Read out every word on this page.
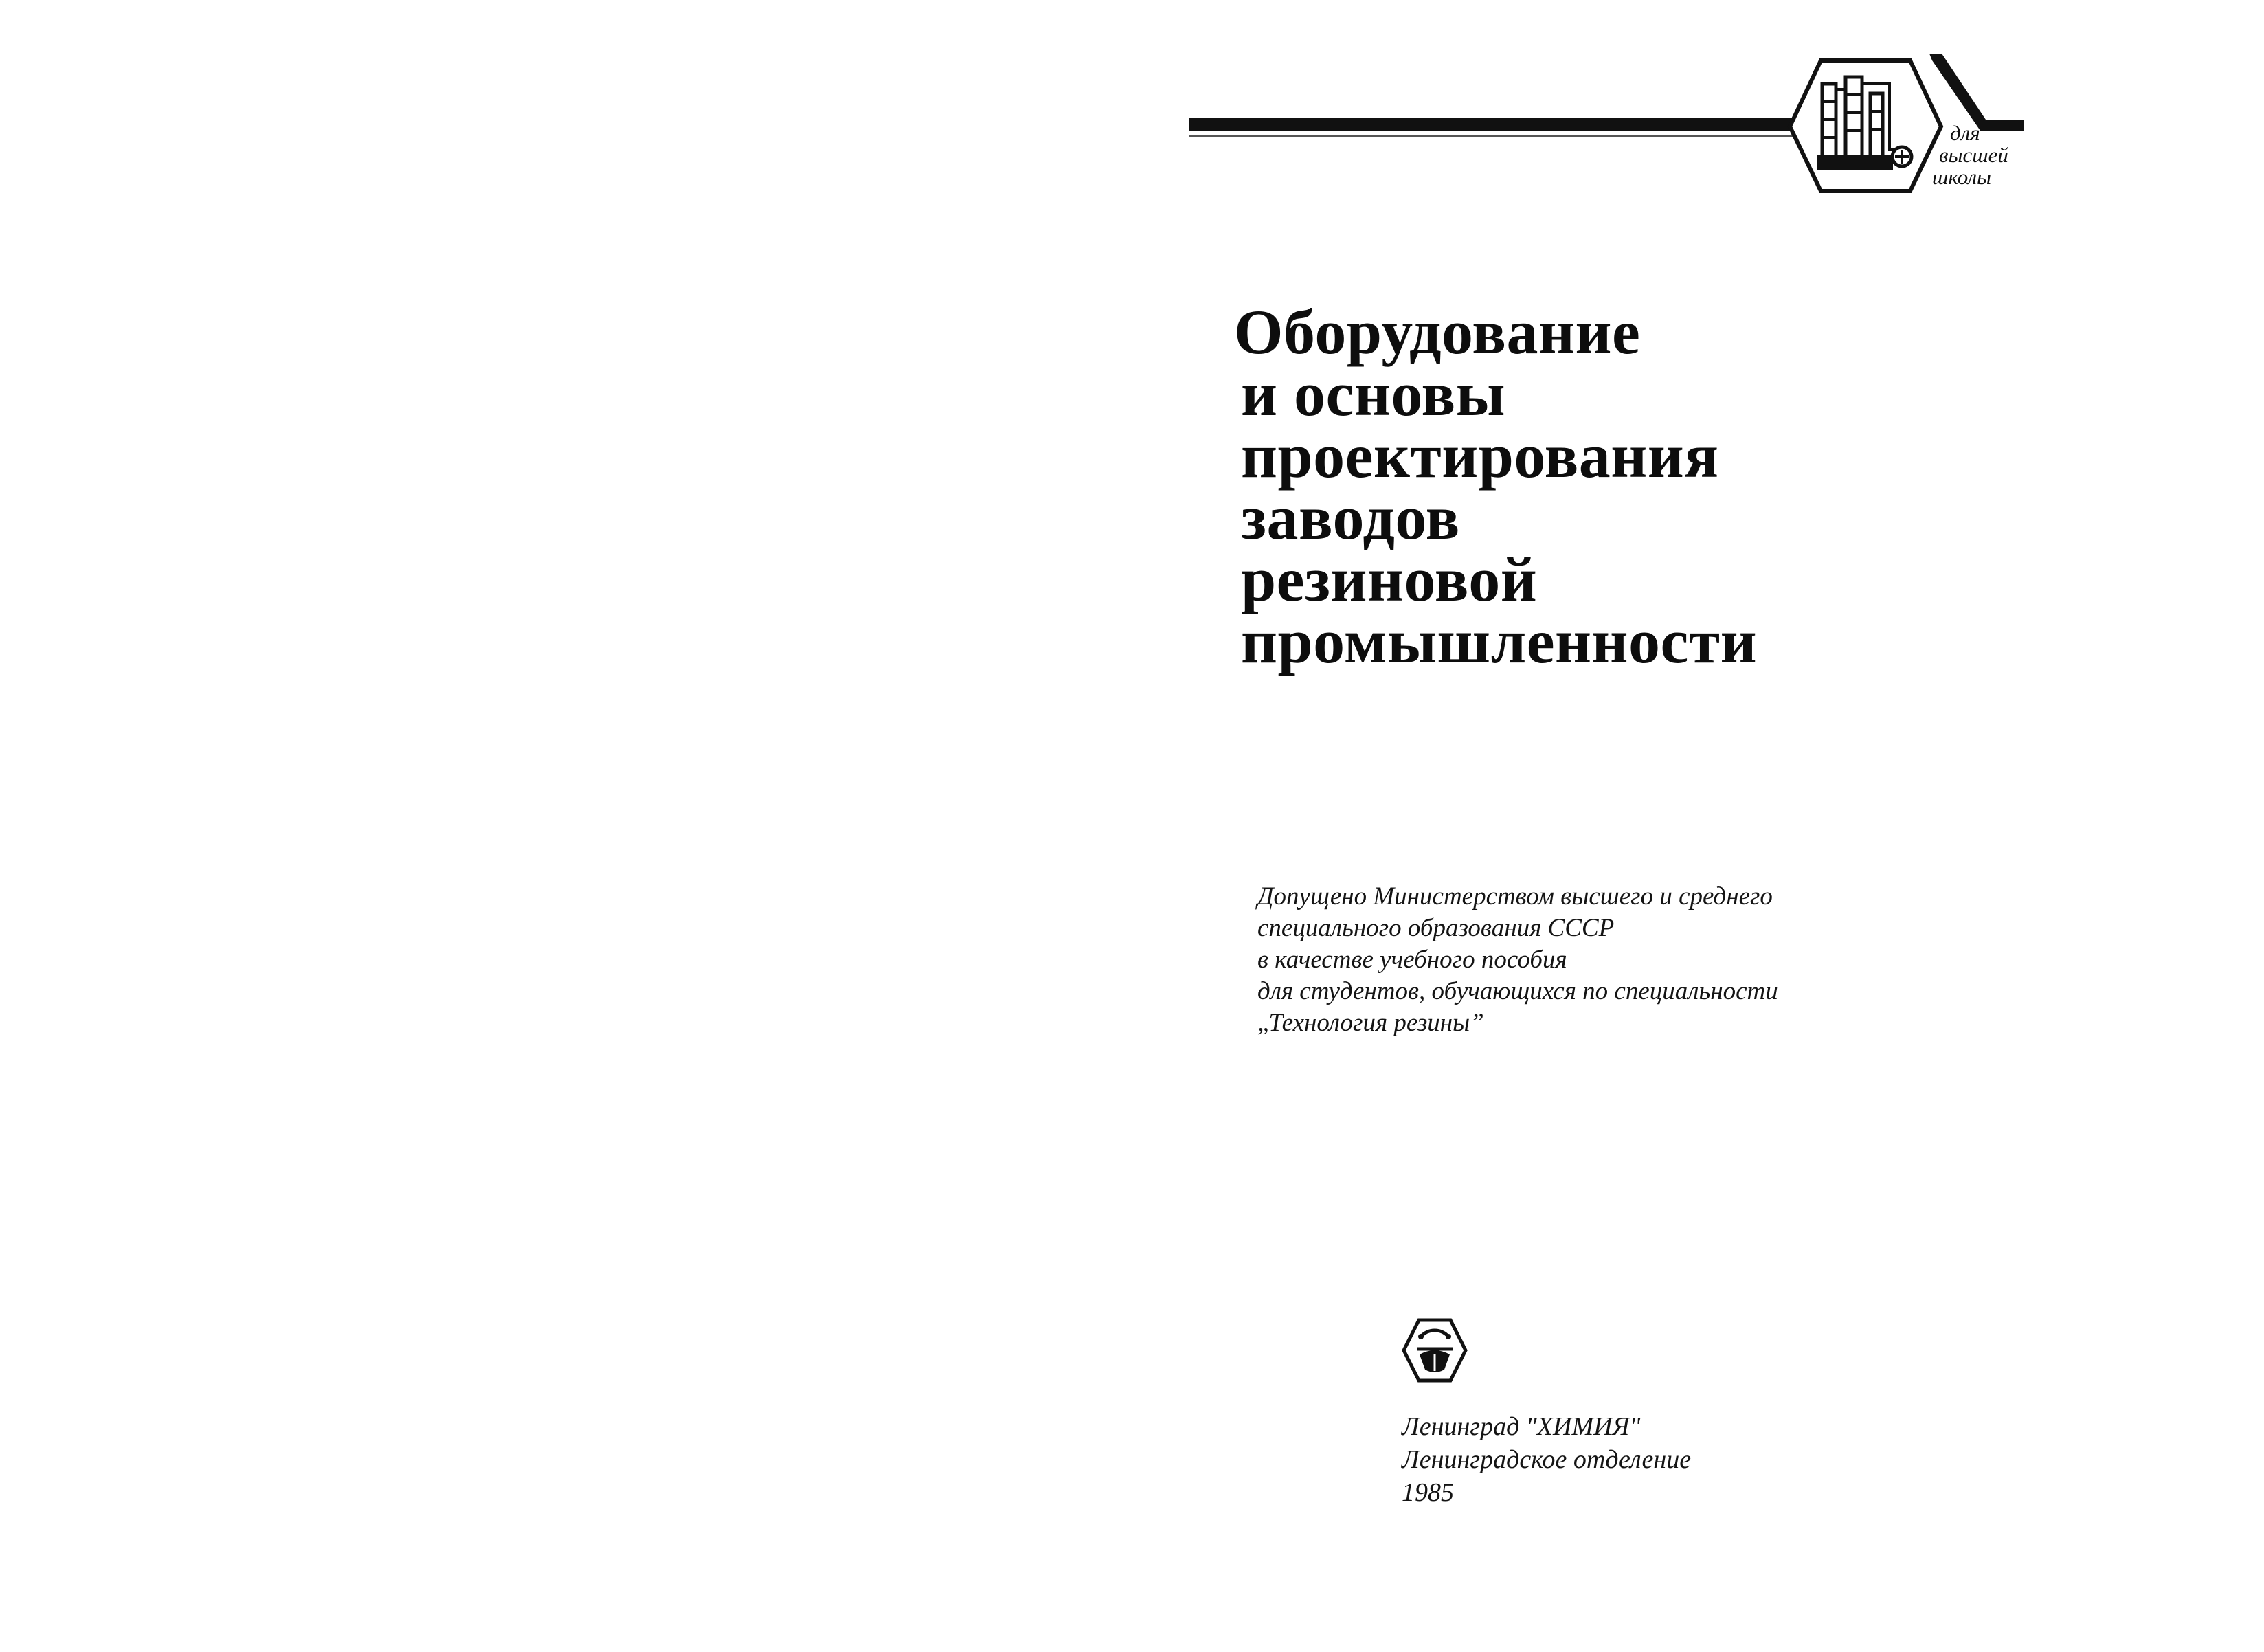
для
высшей
школы
Оборудование
и основы
проектирования
заводов
резиновой
промышленности
Допущено Министерством высшего и среднего
специального образования СССР
в качестве учебного пособия
для студентов, обучающихся по специальности
„Технология резины”
Ленинград "ХИМИЯ"
Ленинградское отделение
1985
